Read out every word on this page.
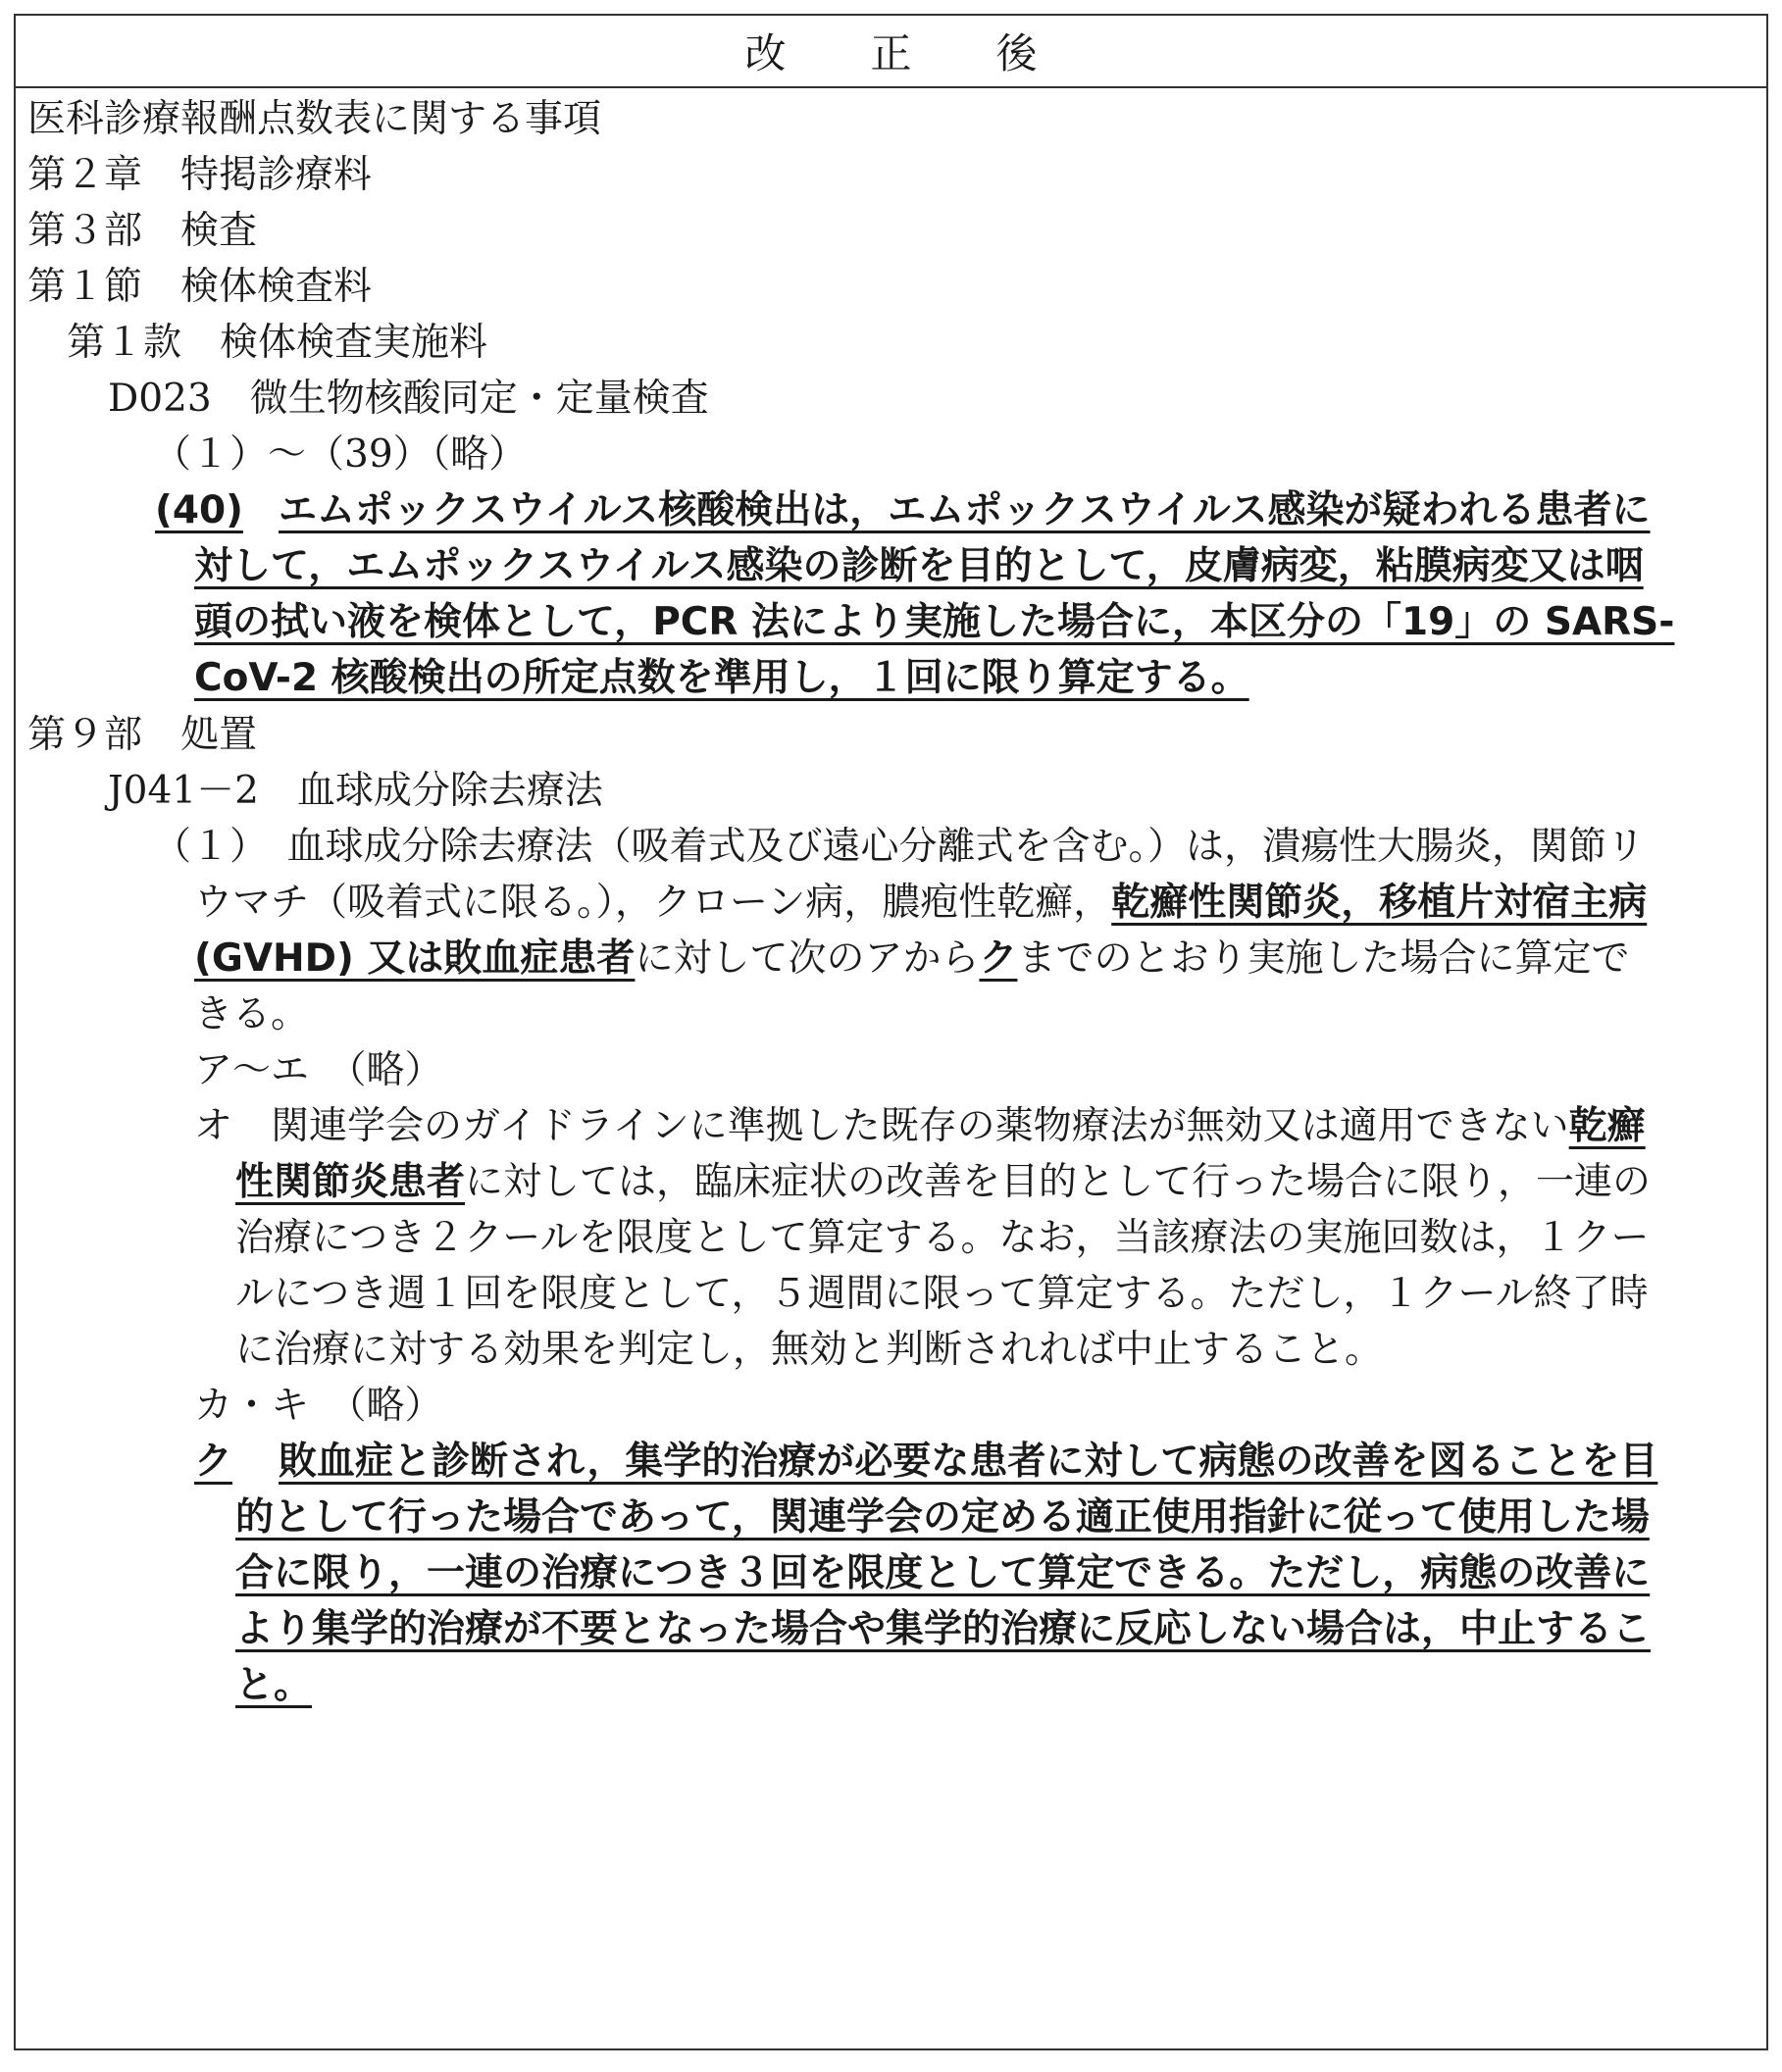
改　正　後
医科診療報酬点数表に関する事項
第２章　特掲診療料
第３部　検査
第１節　検体検査料
第１款　検体検査実施料
D023　微生物核酸同定・定量検査
（１）～（39）（略）
(40) エムポックスウイルス核酸検出は，エムポックスウイルス感染が疑われる患者に
対して，エムポックスウイルス感染の診断を目的として，皮膚病変，粘膜病変又は咽
頭の拭い液を検体として，PCR 法により実施した場合に，本区分の「19」の SARS-
CoV-2 核酸検出の所定点数を準用し，１回に限り算定する。
第９部　処置
J041－2　血球成分除去療法
（１）　血球成分除去療法（吸着式及び遠心分離式を含む。）は，潰瘍性大腸炎，関節リ
ウマチ（吸着式に限る。），クローン病，膿疱性乾癬，乾癬性関節炎，移植片対宿主病
(GVHD) 又は敗血症患者に対して次のアからクまでのとおり実施した場合に算定で
きる。
ア～エ　（略）
オ　関連学会のガイドラインに準拠した既存の薬物療法が無効又は適用できない乾癬
性関節炎患者に対しては，臨床症状の改善を目的として行った場合に限り，一連の
治療につき２クールを限度として算定する。なお，当該療法の実施回数は，１クー
ルにつき週１回を限度として，５週間に限って算定する。ただし，１クール終了時
に治療に対する効果を判定し，無効と判断されれば中止すること。
カ・キ　（略）
ク 敗血症と診断され，集学的治療が必要な患者に対して病態の改善を図ることを目
的として行った場合であって，関連学会の定める適正使用指針に従って使用した場
合に限り，一連の治療につき３回を限度として算定できる。ただし，病態の改善に
より集学的治療が不要となった場合や集学的治療に反応しない場合は，中止するこ
と。
